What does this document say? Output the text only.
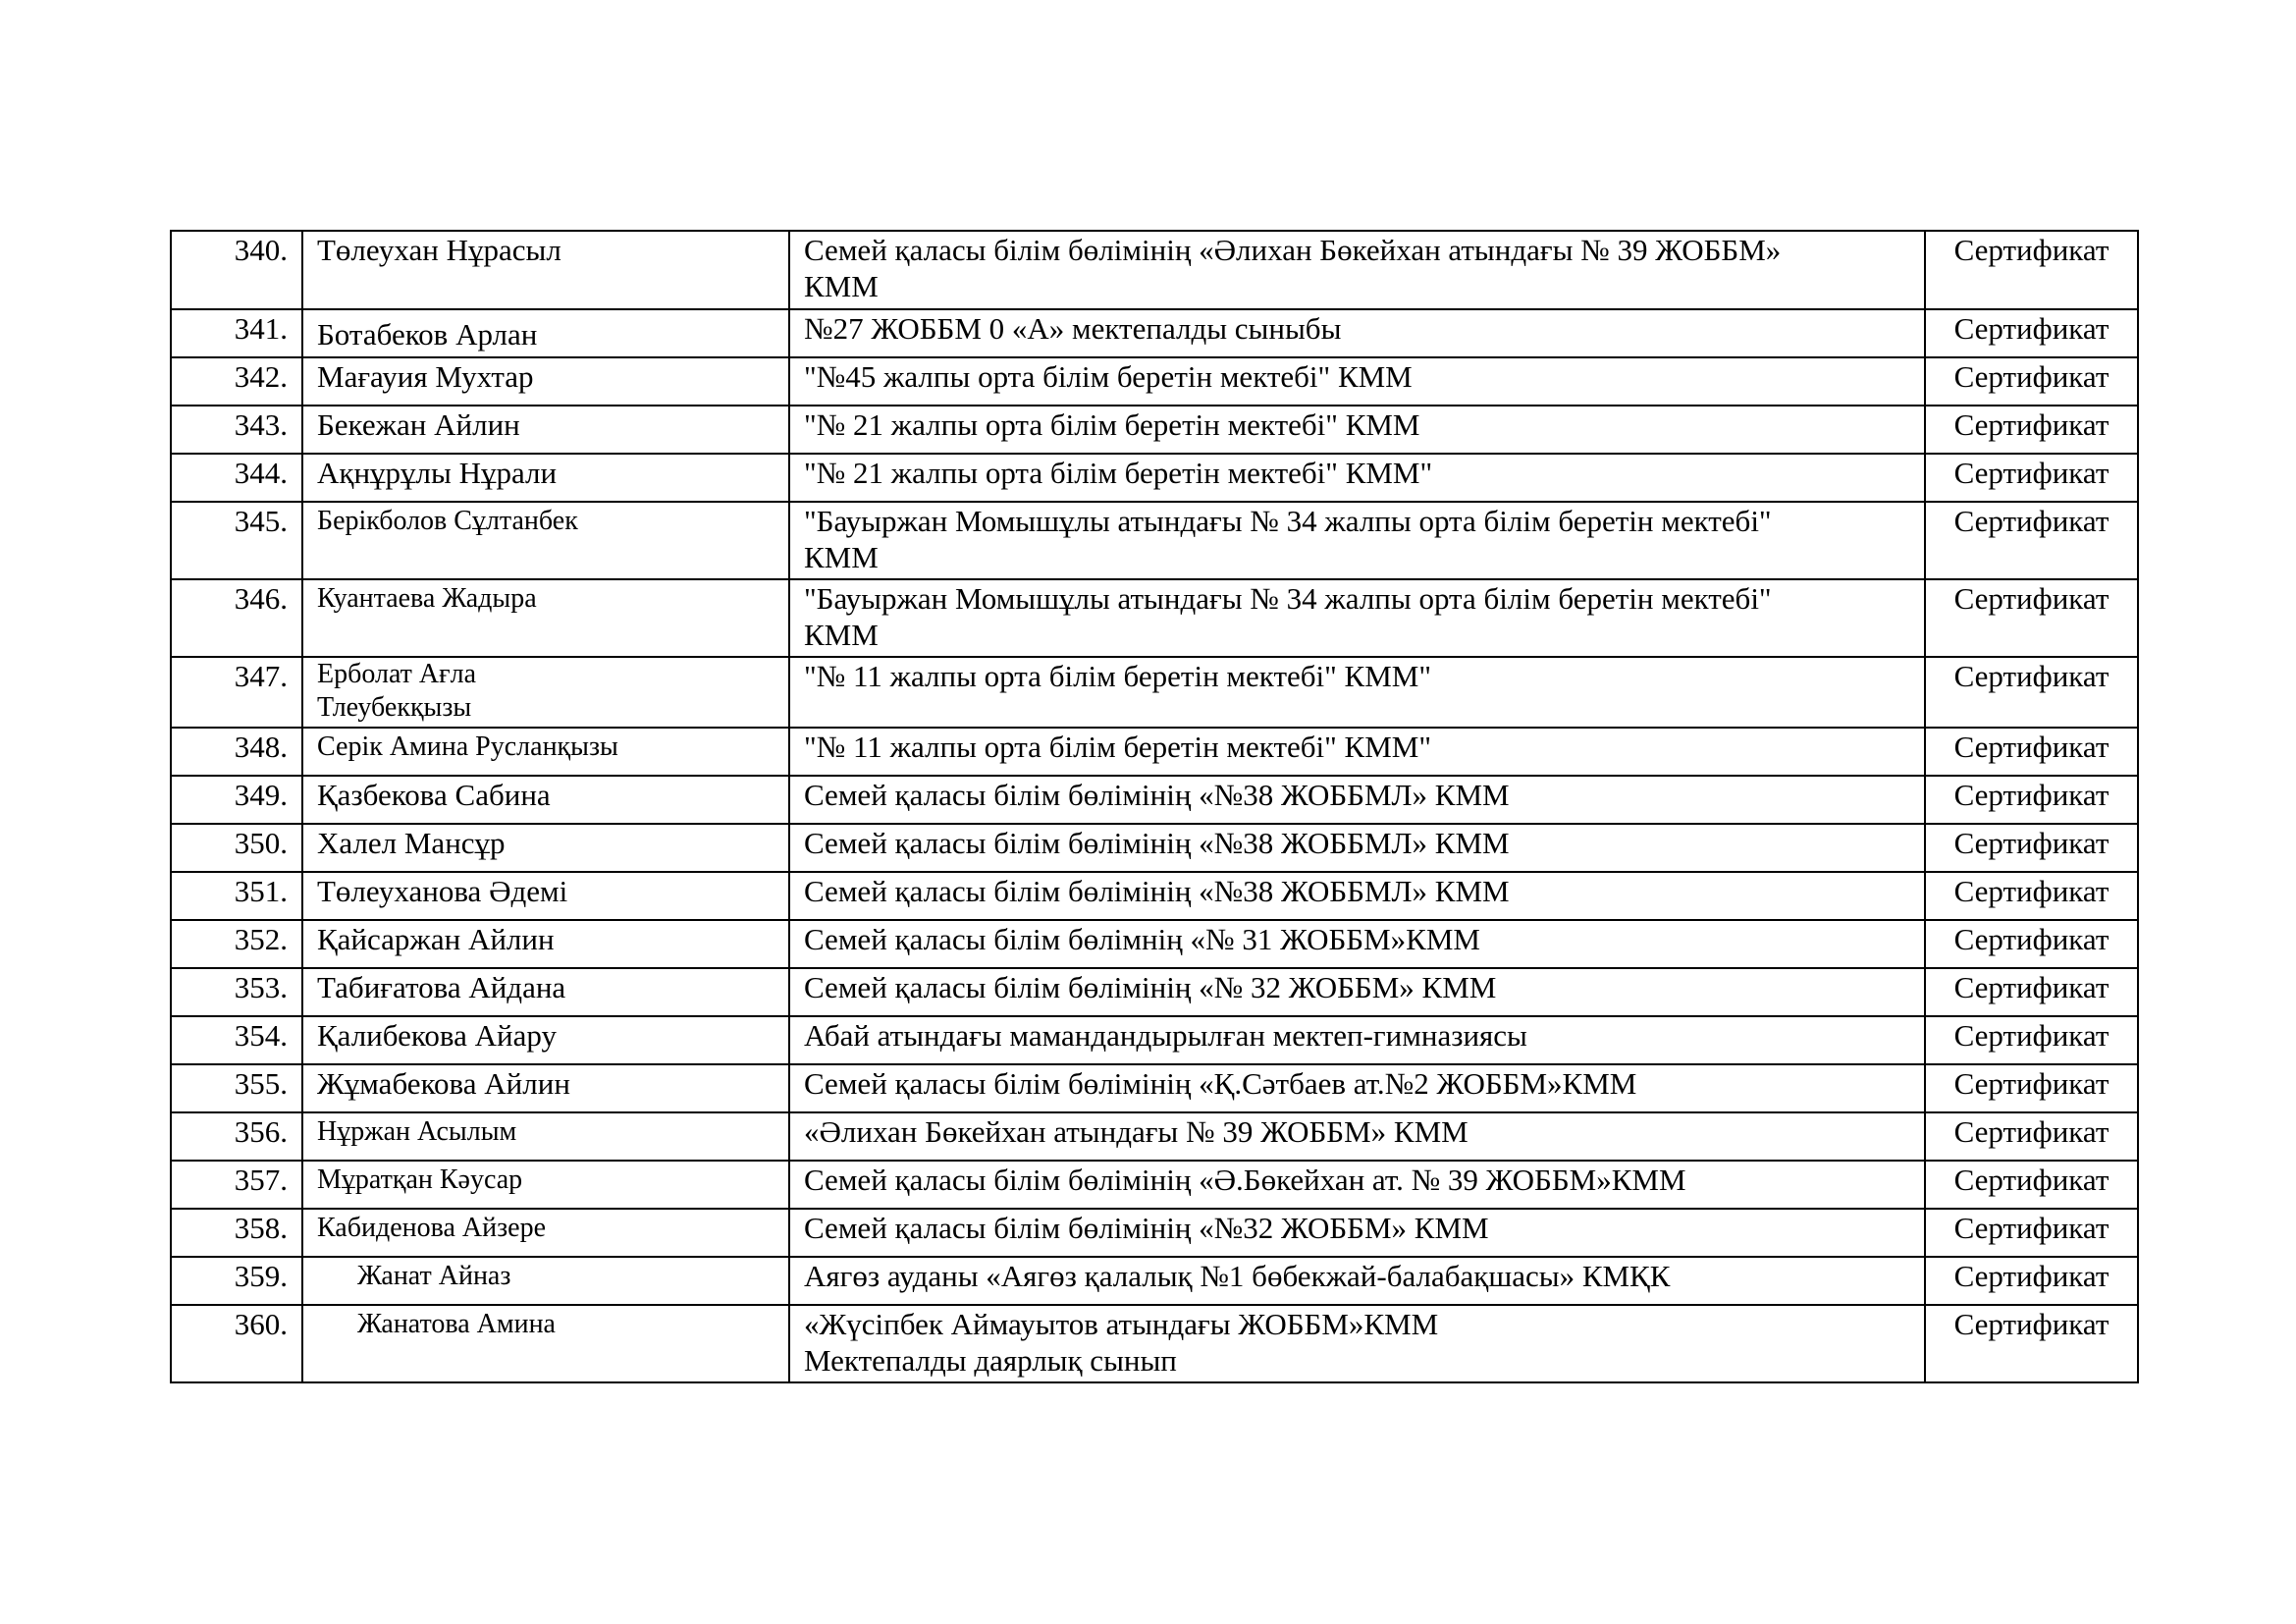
340.	Төлеухан Нұрасыл	Семей қаласы білім бөлімінің «Әлихан Бөкейхан атындағы № 39 ЖОББМ»
КММ	Сертификат
341.	Ботабеков Арлан	№27 ЖОББМ 0 «А» мектепалды сыныбы	Сертификат
342.	Мағауия Мухтар	"№45 жалпы орта білім беретін мектебі" КММ	Сертификат
343.	Бекежан Айлин	"№ 21 жалпы орта білім беретін мектебі" КММ	Сертификат
344.	Ақнұрұлы Нұрали	"№ 21 жалпы орта білім беретін мектебі" КММ"	Сертификат
345.	Берікболов Сұлтанбек	"Бауыржан Момышұлы атындағы № 34 жалпы орта білім беретін мектебі"
КММ	Сертификат
346.	Куантаева Жадыра	"Бауыржан Момышұлы атындағы № 34 жалпы орта білім беретін мектебі"
КММ	Сертификат
347.	Ерболат Ағла
Тлеубекқызы	"№ 11 жалпы орта білім беретін мектебі" КММ"	Сертификат
348.	Серік Амина Русланқызы	"№ 11 жалпы орта білім беретін мектебі" КММ"	Сертификат
349.	Қазбекова Сабина	Семей қаласы білім бөлімінің «№38 ЖОББМЛ» КММ	Сертификат
350.	Халел Мансұр	Семей қаласы білім бөлімінің «№38 ЖОББМЛ» КММ	Сертификат
351.	Төлеуханова Әдемі	Семей қаласы білім бөлімінің «№38 ЖОББМЛ» КММ	Сертификат
352.	Қайсаржан Айлин	Семей қаласы білім бөлімнің «№ 31 ЖОББМ»КММ	Сертификат
353.	Табиғатова Айдана	Семей қаласы білім бөлімінің «№ 32 ЖОББМ» КММ	Сертификат
354.	Қалибекова Айару	Абай атындағы мамандандырылған мектеп-гимназиясы	Сертификат
355.	Жұмабекова Айлин	Семей қаласы білім бөлімінің «Қ.Сәтбаев ат.№2 ЖОББМ»КММ	Сертификат
356.	Нұржан Асылым	«Әлихан Бөкейхан атындағы № 39 ЖОББМ» КММ	Сертификат
357.	Мұратқан Кәусар	Семей қаласы білім бөлімінің «Ә.Бөкейхан ат. № 39 ЖОББМ»КММ	Сертификат
358.	Кабиденова Айзере	Семей қаласы білім бөлімінің «№32 ЖОББМ» КММ	Сертификат
359.	Жанат Айназ	Аягөз ауданы «Аягөз қалалық №1 бөбекжай-балабақшасы» КМҚК	Сертификат
360.	Жанатова Амина	«Жүсіпбек Аймауытов атындағы ЖОББМ»КММ
Мектепалды даярлық сынып	Сертификат
